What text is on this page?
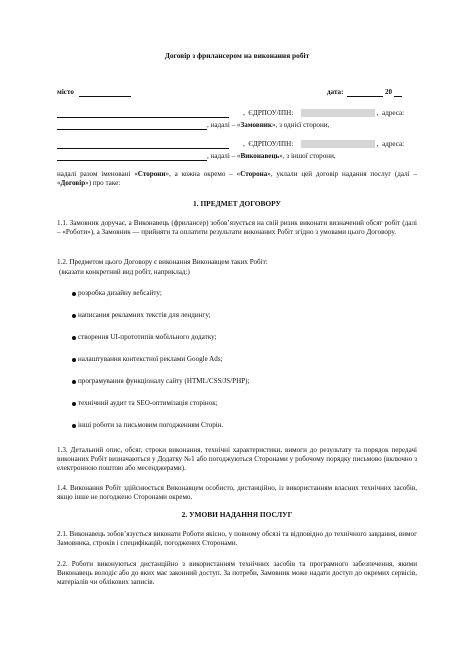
Договір з фрилансером на виконання робіт
місто	дата:	20
,  ЄДРПОУ/ІПН:	,  адреса:
, надалі – «Замовник», з однієї сторони,
,  ЄДРПОУ/ІПН:	,  адреса:
, надалі – «Виконавець», з іншої сторони,
надалі разом іменовані «Сторони», а кожна окремо – «Сторона», уклали цей договір надання послуг (далі – «Договір») про таке:
1. ПРЕДМЕТ ДОГОВОРУ
1.1. Замовник доручає, а Виконавець (фрилансер) зобов’язується на свій ризик виконати визначений обсяг робіт (далі – «Роботи»), а Замовник — прийняти та оплатити результати виконаних Робіт згідно з умовами цього Договору.
1.2. Предметом цього Договору є виконання Виконавцем таких Робіт:
(вказати конкретний вид робіт, наприклад:)
розробка дизайну вебсайту;
написання рекламних текстів для лендингу;
створення UI-прототипів мобільного додатку;
налаштування контекстної реклами Google Ads;
програмування функціоналу сайту (HTML/CSS/JS/PHP);
технічний аудит та SEO-оптимізація сторінок;
інші роботи за письмовим погодженням Сторін.
1.3. Детальний опис, обсяг, строки виконання, технічні характеристики, вимоги до результату та порядок передачі виконаних Робіт визначаються у Додатку №1 або погоджуються Сторонами у робочому порядку письмово (включно з електронною поштою або месенджерами).
1.4. Виконання Робіт здійснюється Виконавцем особисто, дистанційно, із використанням власних технічних засобів, якщо інше не погоджено Сторонами окремо.
2. УМОВИ НАДАННЯ ПОСЛУГ
2.1. Виконавець зобов’язується виконати Роботи якісно, у повному обсязі та відповідно до технічного завдання, вимог Замовника, строків і специфікацій, погоджених Сторонами.
2.2. Роботи виконуються дистанційно з використанням технічних засобів та програмного забезпечення, якими Виконавець володіє або до яких має законний доступ. За потреби, Замовник може надати доступ до окремих сервісів, матеріалів чи облікових записів.
